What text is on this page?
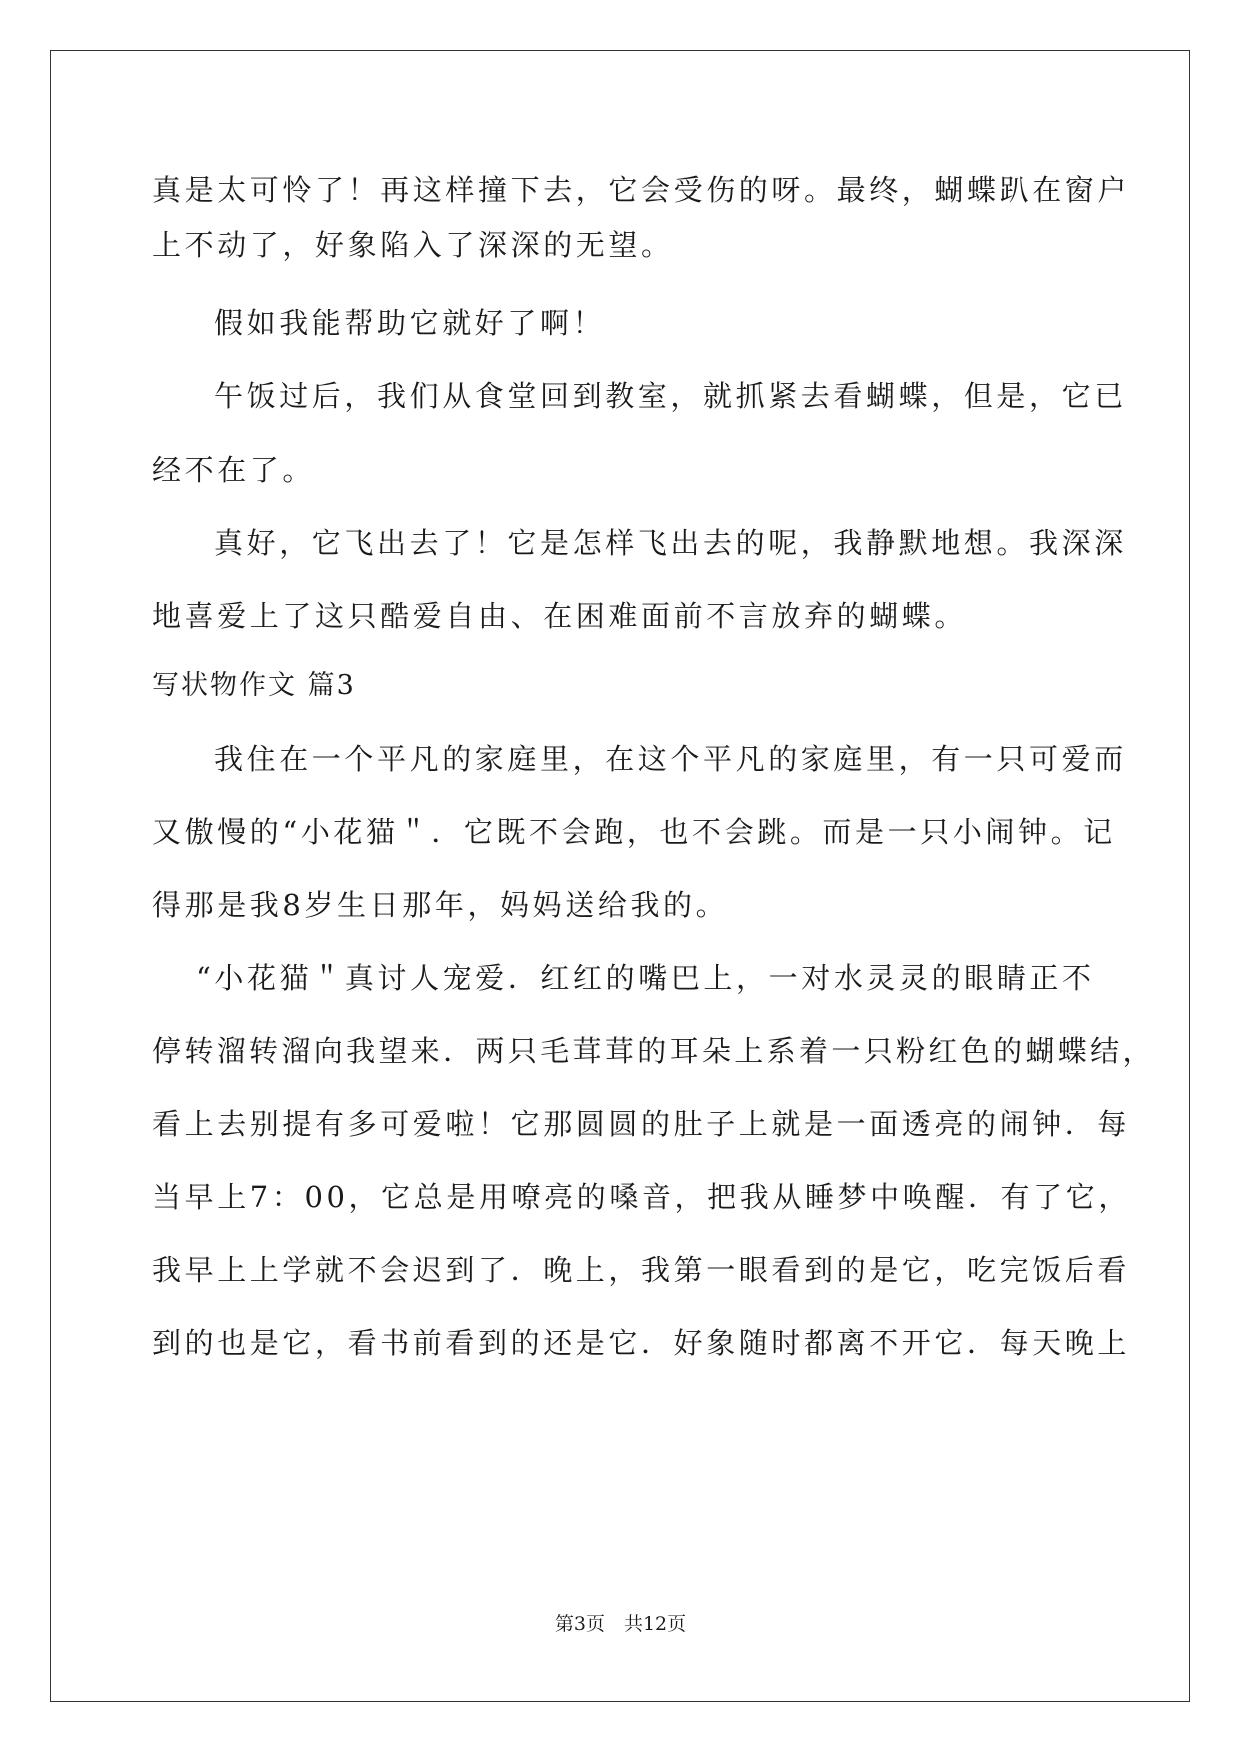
真是太可怜了！再这样撞下去，它会受伤的呀。最终，蝴蝶趴在窗户
上不动了，好象陷入了深深的无望。
假如我能帮助它就好了啊！
午饭过后，我们从食堂回到教室，就抓紧去看蝴蝶，但是，它已
经不在了。
真好，它飞出去了！它是怎样飞出去的呢，我静默地想。我深深
地喜爱上了这只酷爱自由、在困难面前不言放弃的蝴蝶。
写状物作文 篇3
我住在一个平凡的家庭里，在这个平凡的家庭里，有一只可爱而
又傲慢的“小花猫＂．它既不会跑，也不会跳。而是一只小闹钟。记
得那是我8岁生日那年，妈妈送给我的。
“小花猫＂真讨人宠爱．红红的嘴巴上，一对水灵灵的眼睛正不
停转溜转溜向我望来．两只毛茸茸的耳朵上系着一只粉红色的蝴蝶结，
看上去别提有多可爱啦！它那圆圆的肚子上就是一面透亮的闹钟．每
当早上7：00，它总是用嘹亮的嗓音，把我从睡梦中唤醒．有了它，
我早上上学就不会迟到了．晚上，我第一眼看到的是它，吃完饭后看
到的也是它，看书前看到的还是它．好象随时都离不开它．每天晚上
第3页　共12页
